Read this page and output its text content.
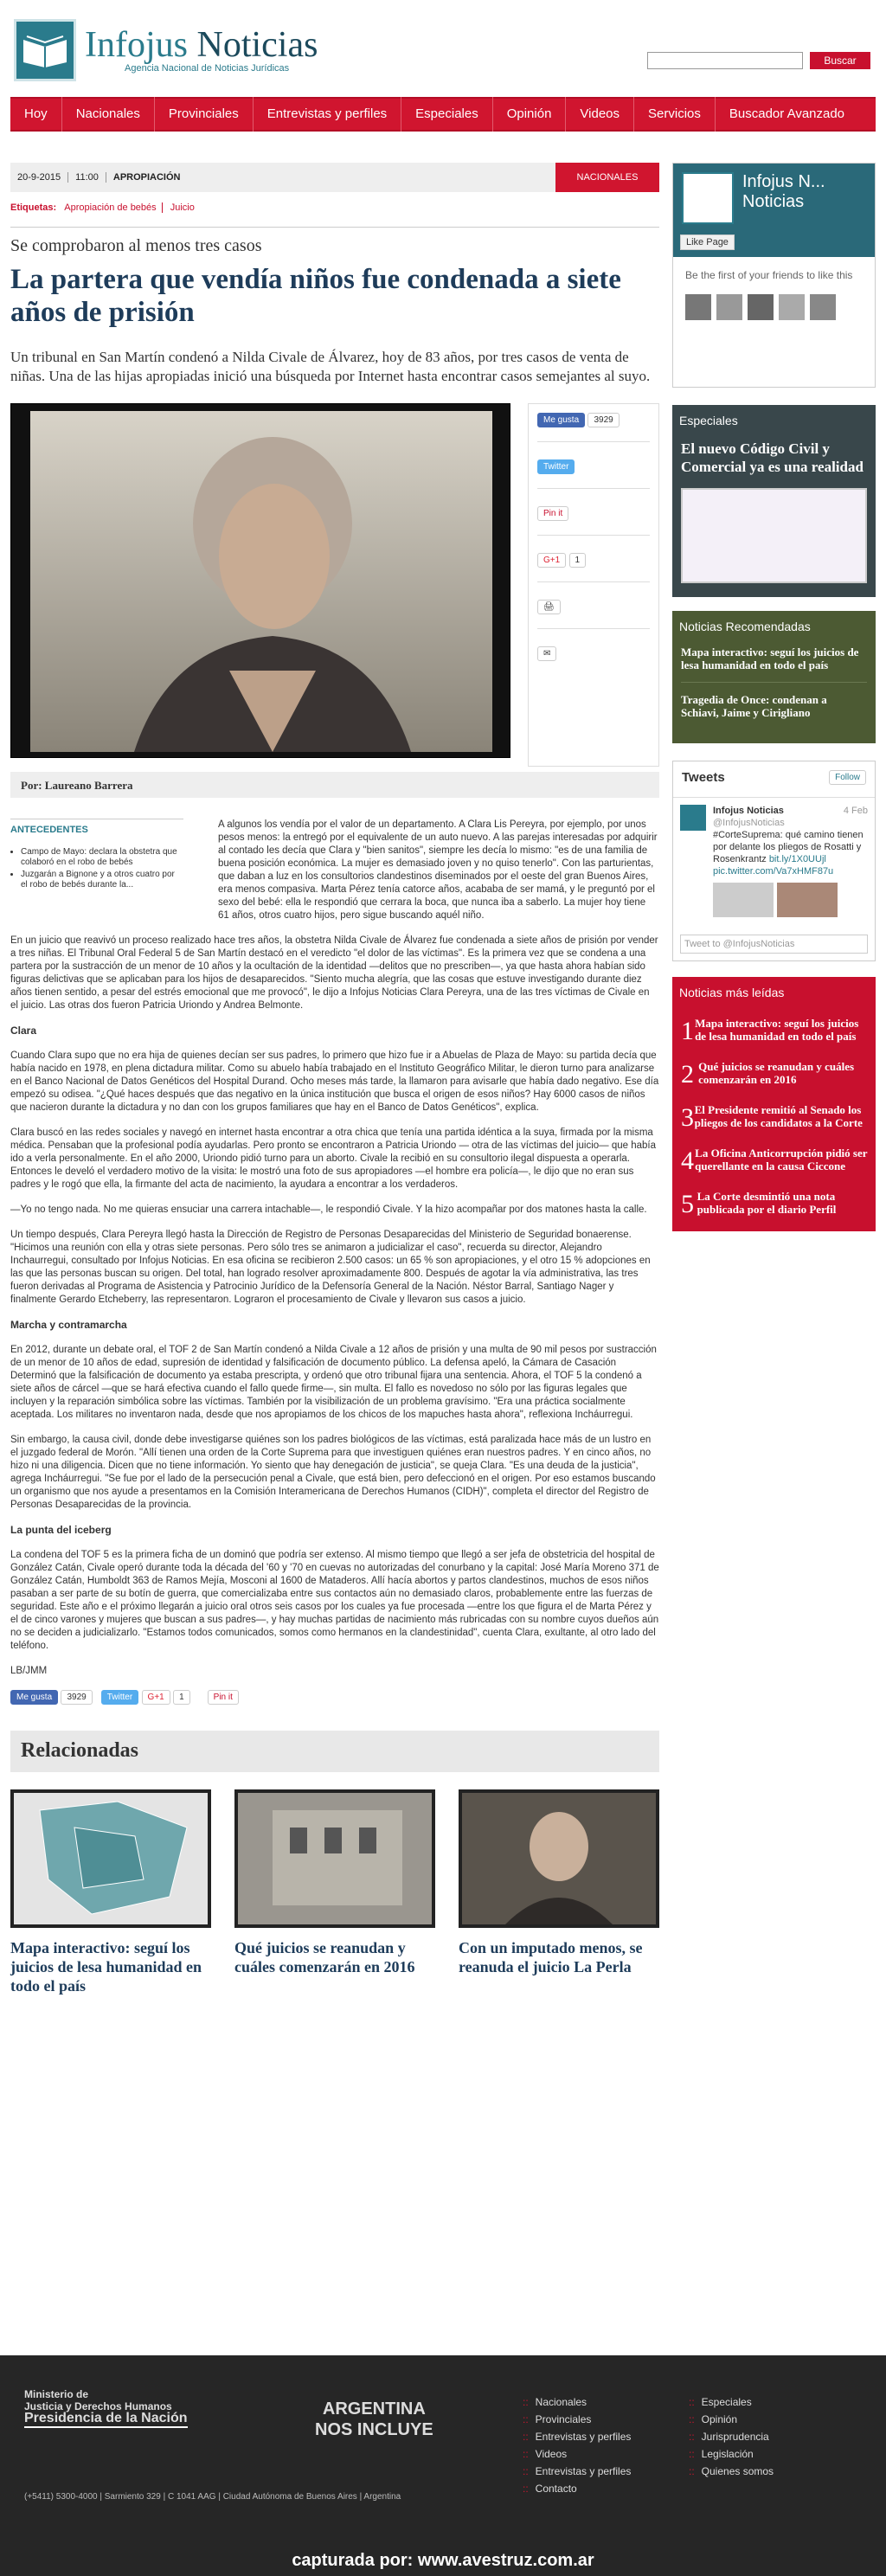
Infojus Noticias
Agencia Nacional de Noticias Jurídicas
Buscar
Hoy	Nacionales	Provinciales	Entrevistas y perfiles	Especiales	Opinión	Videos	Servicios	Buscador Avanzado
20-9-2015	11:00	APROPIACIÓN	NACIONALES
Etiquetas: Apropiación de bebés Juicio
Se comprobaron al menos tres casos
La partera que vendía niños fue condenada a siete años de prisión
Un tribunal en San Martín condenó a Nilda Civale de Álvarez, hoy de 83 años, por tres casos de venta de niñas. Una de las hijas apropiadas inició una búsqueda por Internet hasta encontrar casos semejantes al suyo.
Me gusta 3929
Twitter
Pin it
G+1 1
🖨
✉
Por: Laureano Barrera
ANTECEDENTES
• Campo de Mayo: declara la obstetra que colaboró en el robo de bebés
• Juzgarán a Bignone y a otros cuatro por el robo de bebés durante la...

A algunos los vendía por el valor de un departamento. A Clara Lis Pereyra, por ejemplo, por unos pesos menos: la entregó por el equivalente de un auto nuevo. A las parejas interesadas por adquirir al contado les decía que Clara y "bien sanitos", siempre les decía lo mismo: "es de una familia de buena posición económica. La mujer es demasiado joven y no quiso tenerlo". Con las parturientas, que daban a luz en los consultorios clandestinos diseminados por el oeste del gran Buenos Aires, era menos compasiva. Marta Pérez tenía catorce años, acababa de ser mamá, y le preguntó por el sexo del bebé: ella le respondió que cerrara la boca, que nunca iba a saberlo. La mujer hoy tiene 61 años, otros cuatro hijos, pero sigue buscando aquél niño.

En un juicio que reavivó un proceso realizado hace tres años, la obstetra Nilda Civale de Álvarez fue condenada a siete años de prisión por vender a tres niñas. El Tribunal Oral Federal 5 de San Martín destacó en el veredicto "el dolor de las víctimas". Es la primera vez que se condena a una partera por la sustracción de un menor de 10 años y la ocultación de la identidad —delitos que no prescriben—, ya que hasta ahora habían sido figuras delictivas que se aplicaban para los hijos de desaparecidos. "Siento mucha alegría, que las cosas que estuve investigando durante diez años tienen sentido, a pesar del estrés emocional que me provocó", le dijo a Infojus Noticias Clara Pereyra, una de las tres víctimas de Civale en el juicio. Las otras dos fueron Patricia Uriondo y Andrea Belmonte.

Clara

Cuando Clara supo que no era hija de quienes decían ser sus padres, lo primero que hizo fue ir a Abuelas de Plaza de Mayo: su partida decía que había nacido en 1978, en plena dictadura militar. Como su abuelo había trabajado en el Instituto Geográfico Militar, le dieron turno para analizarse en el Banco Nacional de Datos Genéticos del Hospital Durand. Ocho meses más tarde, la llamaron para avisarle que había dado negativo. Ese día empezó su odisea. "¿Qué haces después que das negativo en la única institución que busca el origen de esos niños? Hay 6000 casos de niños que nacieron durante la dictadura y no dan con los grupos familiares que hay en el Banco de Datos Genéticos", explica.

Clara buscó en las redes sociales y navegó en internet hasta encontrar a otra chica que tenía una partida idéntica a la suya, firmada por la misma médica. Pensaban que la profesional podía ayudarlas. Pero pronto se encontraron a Patricia Uriondo — otra de las víctimas del juicio— que había ido a verla personalmente. En el año 2000, Uriondo pidió turno para un aborto. Civale la recibió en su consultorio ilegal dispuesta a operarla. Entonces le develó el verdadero motivo de la visita: le mostró una foto de sus apropiadores —el hombre era policía—, le dijo que no eran sus padres y le rogó que ella, la firmante del acta de nacimiento, la ayudara a encontrar a los verdaderos.

—Yo no tengo nada. No me quieras ensuciar una carrera intachable—, le respondió Civale. Y la hizo acompañar por dos matones hasta la calle.

Un tiempo después, Clara Pereyra llegó hasta la Dirección de Registro de Personas Desaparecidas del Ministerio de Seguridad bonaerense. "Hicimos una reunión con ella y otras siete personas. Pero sólo tres se animaron a judicializar el caso", recuerda su director, Alejandro Inchaurregui, consultado por Infojus Noticias. En esa oficina se recibieron 2.500 casos: un 65 % son apropiaciones, y el otro 15 % adopciones en las que las personas buscan su origen. Del total, han logrado resolver aproximadamente 800. Después de agotar la vía administrativa, las tres fueron derivadas al Programa de Asistencia y Patrocinio Jurídico de la Defensoría General de la Nación. Néstor Barral, Santiago Nager y finalmente Gerardo Etcheberry, las representaron. Lograron el procesamiento de Civale y llevaron sus casos a juicio.

Marcha y contramarcha

En 2012, durante un debate oral, el TOF 2 de San Martín condenó a Nilda Civale a 12 años de prisión y una multa de 90 mil pesos por sustracción de un menor de 10 años de edad, supresión de identidad y falsificación de documento público. La defensa apeló, la Cámara de Casación Determinó que la falsificación de documento ya estaba prescripta, y ordenó que otro tribunal fijara una sentencia. Ahora, el TOF 5 la condenó a siete años de cárcel —que se hará efectiva cuando el fallo quede firme—, sin multa. El fallo es novedoso no sólo por las figuras legales que incluyen y la reparación simbólica sobre las víctimas. También por la visibilización de un problema gravísimo. "Era una práctica socialmente aceptada. Los militares no inventaron nada, desde que nos apropiamos de los chicos de los mapuches hasta ahora", reflexiona Incháurregui.

Sin embargo, la causa civil, donde debe investigarse quiénes son los padres biológicos de las víctimas, está paralizada hace más de un lustro en el juzgado federal de Morón. "Allí tienen una orden de la Corte Suprema para que investiguen quiénes eran nuestros padres. Y en cinco años, no hizo ni una diligencia. Dicen que no tiene información. Yo siento que hay denegación de justicia", se queja Clara. "Es una deuda de la justicia", agrega Incháurregui. "Se fue por el lado de la persecución penal a Civale, que está bien, pero defeccionó en el origen. Por eso estamos buscando un organismo que nos ayude a presentamos en la Comisión Interamericana de Derechos Humanos (CIDH)", completa el director del Registro de Personas Desaparecidas de la provincia.

La punta del iceberg

La condena del TOF 5 es la primera ficha de un dominó que podría ser extenso. Al mismo tiempo que llegó a ser jefa de obstetricia del hospital de González Catán, Civale operó durante toda la década del '60 y '70 en cuevas no autorizadas del conurbano y la capital: José María Moreno 371 de González Catán, Humboldt 363 de Ramos Mejía, Mosconi al 1600 de Mataderos. Allí hacía abortos y partos clandestinos, muchos de esos niños pasaban a ser parte de su botín de guerra, que comercializaba entre sus contactos aún no demasiado claros, probablemente entre las fuerzas de seguridad. Este año e el próximo llegarán a juicio oral otros seis casos por los cuales ya fue procesada —entre los que figura el de Marta Pérez y el de cinco varones y mujeres que buscan a sus padres—, y hay muchas partidas de nacimiento más rubricadas con su nombre cuyos dueños aún no se deciden a judicializarlo. "Estamos todos comunicados, somos como hermanos en la clandestinidad", cuenta Clara, exultante, al otro lado del teléfono.

LB/JMM

Me gusta
	3929
	Twitter
	G+1
	1
	Pin it
Relacionadas
Mapa interactivo: seguí los juicios de lesa humanidad en todo el país
Qué juicios se reanudan y cuáles comenzarán en 2016
Con un imputado menos, se reanuda el juicio La Perla
Infojus N... Noticias
Like Page
Be the first of your friends to like this
Especiales
El nuevo Código Civil y Comercial ya es una realidad
Noticias Recomendadas
Mapa interactivo: seguí los juicios de lesa humanidad en todo el país
Tragedia de Once: condenan a Schiavi, Jaime y Cirigliano
Tweets	Follow
Infojus Noticias	4 Feb
@InfojusNoticias
#CorteSuprema: qué camino tienen por delante los pliegos de Rosatti y Rosenkrantz bit.ly/1X0UUjl
pic.twitter.com/Va7xHMF87u
Tweet to @InfojusNoticias
Noticias más leídas
1 Mapa interactivo: seguí los juicios de lesa humanidad en todo el país
2 Qué juicios se reanudan y cuáles comenzarán en 2016
3 El Presidente remitió al Senado los pliegos de los candidatos a la Corte
4 La Oficina Anticorrupción pidió ser querellante en la causa Ciccone
5 La Corte desmintió una nota publicada por el diario Perfil
Ministerio de
Justicia y Derechos Humanos
Presidencia de la Nación	ARGENTINA
NOS INCLUYE
(+5411) 5300-4000 | Sarmiento 329 | C 1041 AAG | Ciudad Autónoma de Buenos Aires | Argentina
:: Nacionales
:: Provinciales
:: Entrevistas y perfiles
:: Videos
:: Entrevistas y perfiles
:: Contacto
:: Especiales
:: Opinión
:: Jurisprudencia
:: Legislación
:: Quienes somos
capturada por: www.avestruz.com.ar
